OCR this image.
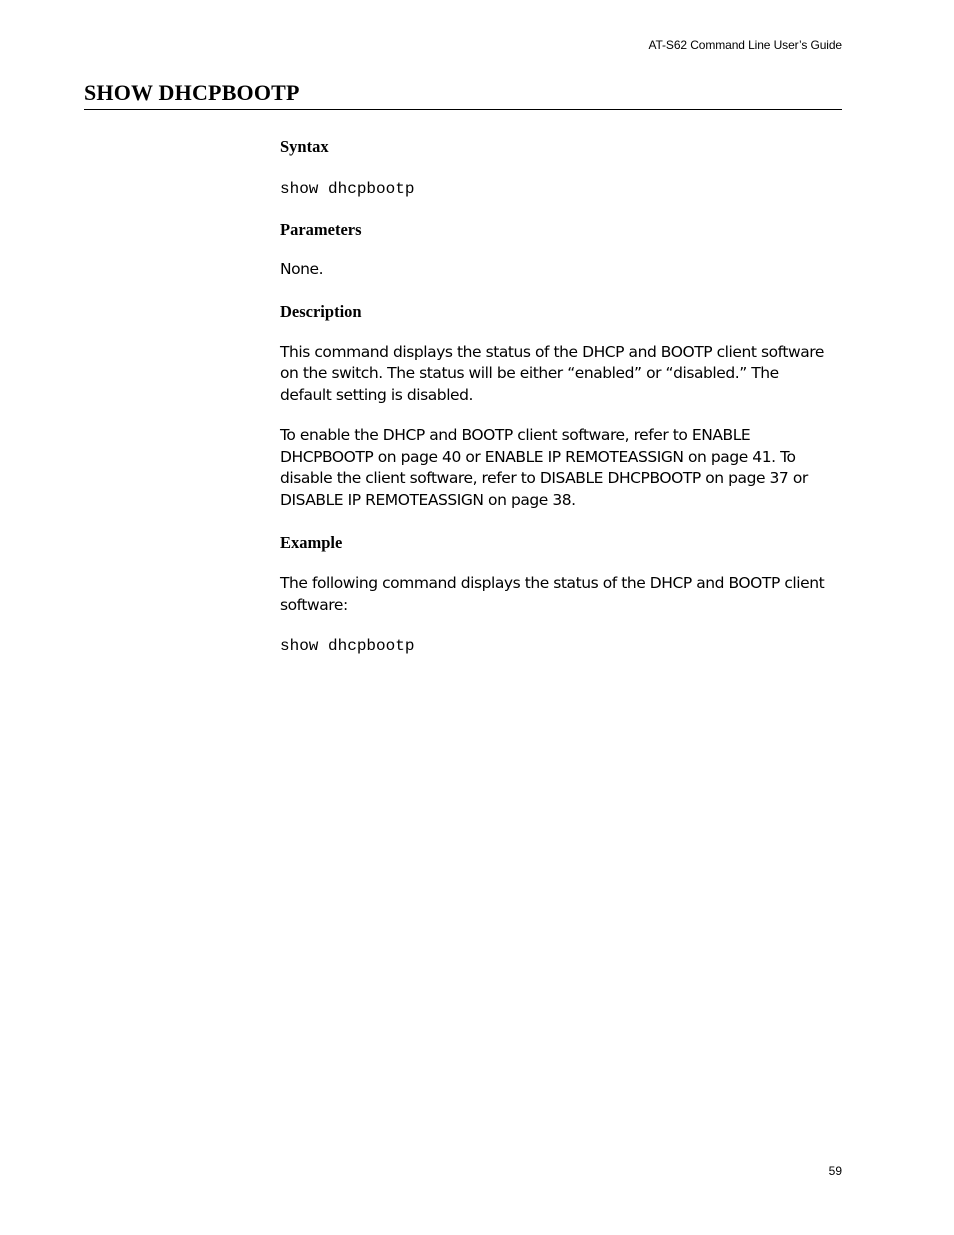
AT-S62 Command Line User’s Guide
SHOW DHCPBOOTP
Syntax

show dhcpbootp

Parameters

None.

Description

This command displays the status of the DHCP and BOOTP client software on the switch. The status will be either “enabled” or “disabled.” The default setting is disabled.

To enable the DHCP and BOOTP client software, refer to ENABLE DHCPBOOTP on page 40 or ENABLE IP REMOTEASSIGN on page 41. To disable the client software, refer to DISABLE DHCPBOOTP on page 37 or DISABLE IP REMOTEASSIGN on page 38.

Example

The following command displays the status of the DHCP and BOOTP client software:

show dhcpbootp

59
